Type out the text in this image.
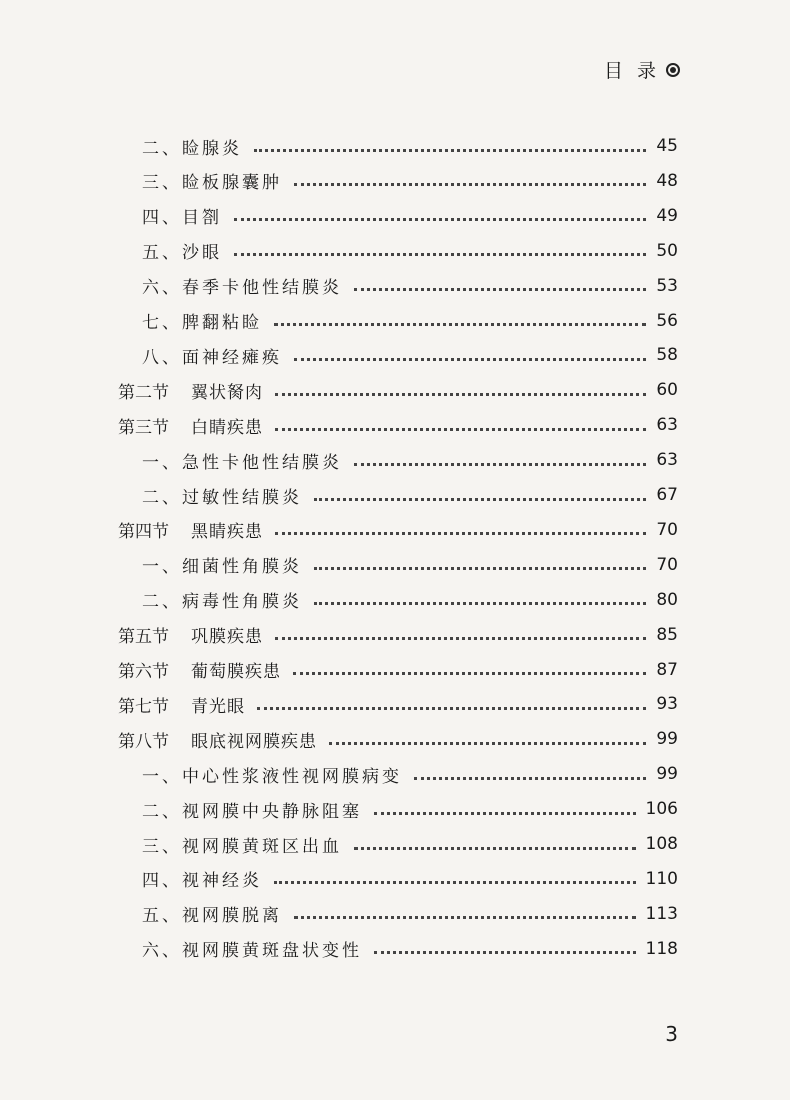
目 录
二、睑腺炎	45
三、睑板腺囊肿	48
四、目劄	49
五、沙眼	50
六、春季卡他性结膜炎	53
七、脾翻粘睑	56
八、面神经瘫痪	58
第二节 翼状胬肉	60
第三节 白睛疾患	63
一、急性卡他性结膜炎	63
二、过敏性结膜炎	67
第四节 黑睛疾患	70
一、细菌性角膜炎	70
二、病毒性角膜炎	80
第五节 巩膜疾患	85
第六节 葡萄膜疾患	87
第七节 青光眼	93
第八节 眼底视网膜疾患	99
一、中心性浆液性视网膜病变	99
二、视网膜中央静脉阻塞	106
三、视网膜黄斑区出血	108
四、视神经炎	110
五、视网膜脱离	113
六、视网膜黄斑盘状变性	118
3
